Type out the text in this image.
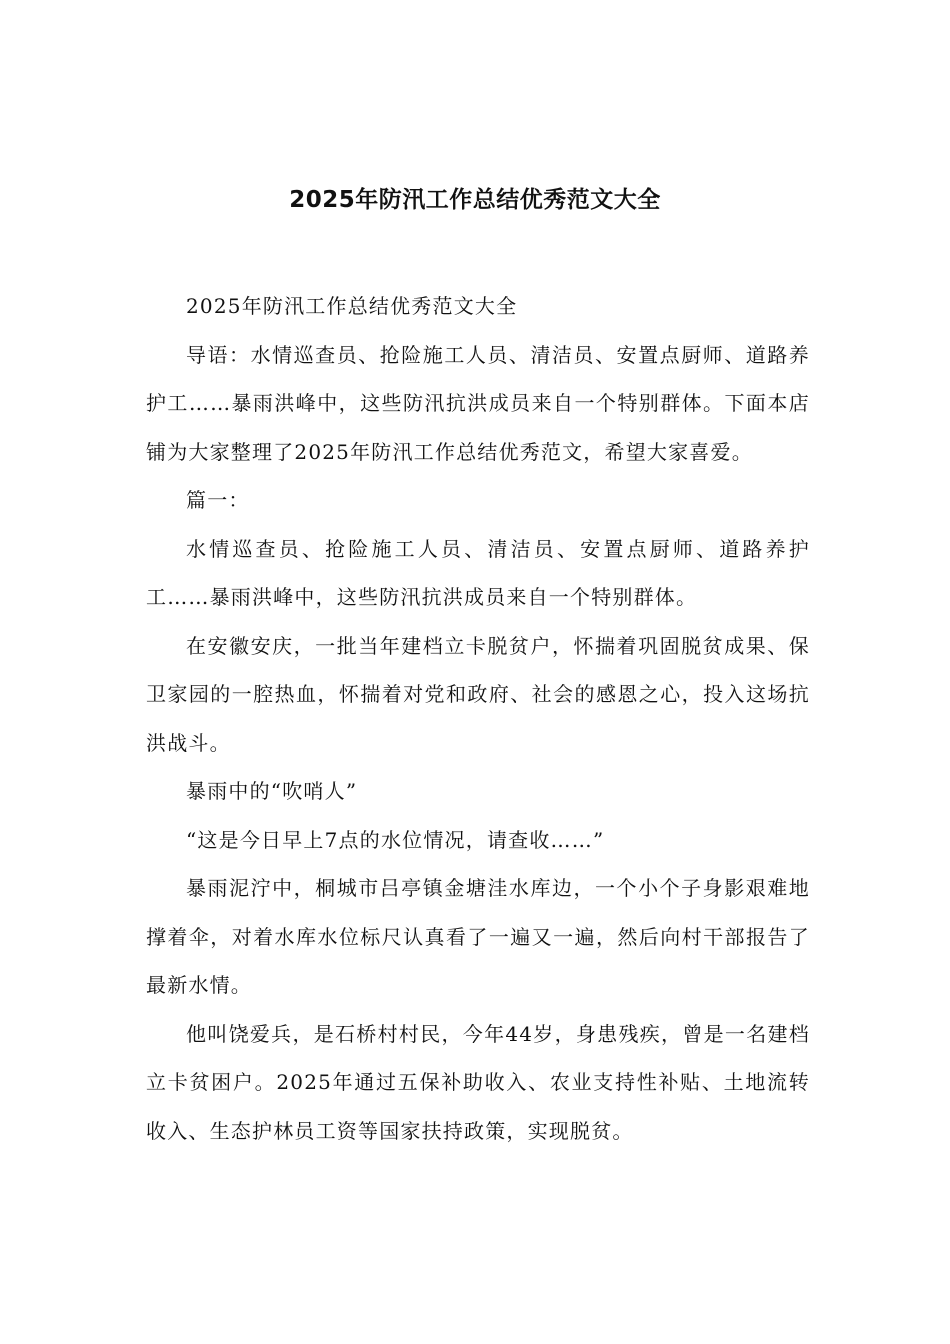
2025年防汛工作总结优秀范文大全

2025年防汛工作总结优秀范文大全

导语：水情巡查员、抢险施工人员、清洁员、安置点厨师、道路养护工……暴雨洪峰中，这些防汛抗洪成员来自一个特别群体。下面本店铺为大家整理了2025年防汛工作总结优秀范文，希望大家喜爱。

篇一：

水情巡查员、抢险施工人员、清洁员、安置点厨师、道路养护工……暴雨洪峰中，这些防汛抗洪成员来自一个特别群体。

在安徽安庆，一批当年建档立卡脱贫户，怀揣着巩固脱贫成果、保卫家园的一腔热血，怀揣着对党和政府、社会的感恩之心，投入这场抗洪战斗。

暴雨中的“吹哨人”

“这是今日早上7点的水位情况，请查收……”

暴雨泥泞中，桐城市吕亭镇金塘洼水库边，一个小个子身影艰难地撑着伞，对着水库水位标尺认真看了一遍又一遍，然后向村干部报告了最新水情。

他叫饶爱兵，是石桥村村民，今年44岁，身患残疾，曾是一名建档立卡贫困户。2025年通过五保补助收入、农业支持性补贴、土地流转收入、生态护林员工资等国家扶持政策，实现脱贫。
